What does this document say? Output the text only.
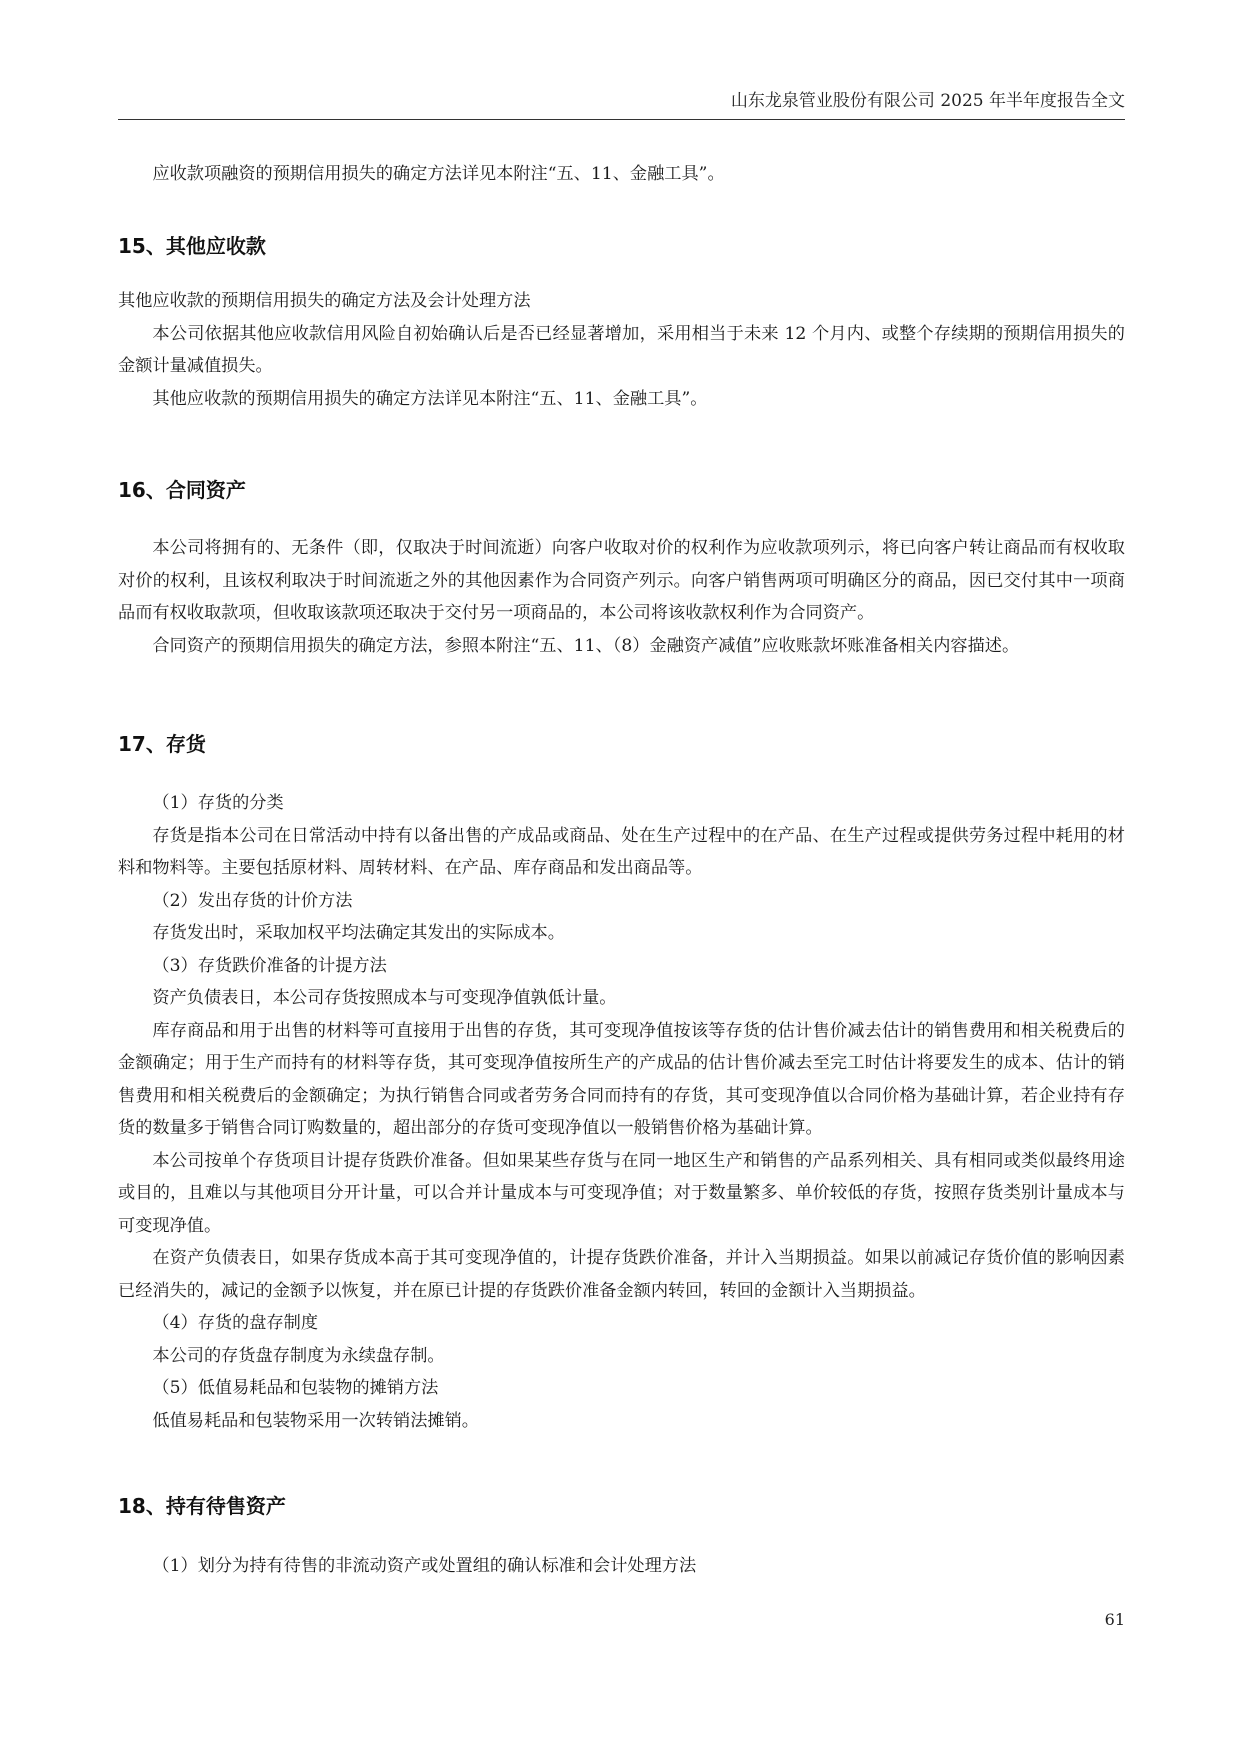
山东龙泉管业股份有限公司 2025 年半年度报告全文

应收款项融资的预期信用损失的确定方法详见本附注“五、11、金融工具”。

15、其他应收款

其他应收款的预期信用损失的确定方法及会计处理方法

本公司依据其他应收款信用风险自初始确认后是否已经显著增加，采用相当于未来 12 个月内、或整个存续期的预期信用损失的金额计量减值损失。

其他应收款的预期信用损失的确定方法详见本附注“五、11、金融工具”。

16、合同资产

本公司将拥有的、无条件（即，仅取决于时间流逝）向客户收取对价的权利作为应收款项列示，将已向客户转让商品而有权收取对价的权利，且该权利取决于时间流逝之外的其他因素作为合同资产列示。向客户销售两项可明确区分的商品，因已交付其中一项商品而有权收取款项，但收取该款项还取决于交付另一项商品的，本公司将该收款权利作为合同资产。

合同资产的预期信用损失的确定方法，参照本附注“五、11、（8）金融资产减值”应收账款坏账准备相关内容描述。

17、存货

（1）存货的分类

存货是指本公司在日常活动中持有以备出售的产成品或商品、处在生产过程中的在产品、在生产过程或提供劳务过程中耗用的材料和物料等。主要包括原材料、周转材料、在产品、库存商品和发出商品等。

（2）发出存货的计价方法

存货发出时，采取加权平均法确定其发出的实际成本。

（3）存货跌价准备的计提方法

资产负债表日，本公司存货按照成本与可变现净值孰低计量。

库存商品和用于出售的材料等可直接用于出售的存货，其可变现净值按该等存货的估计售价减去估计的销售费用和相关税费后的金额确定；用于生产而持有的材料等存货，其可变现净值按所生产的产成品的估计售价减去至完工时估计将要发生的成本、估计的销售费用和相关税费后的金额确定；为执行销售合同或者劳务合同而持有的存货，其可变现净值以合同价格为基础计算，若企业持有存货的数量多于销售合同订购数量的，超出部分的存货可变现净值以一般销售价格为基础计算。

本公司按单个存货项目计提存货跌价准备。但如果某些存货与在同一地区生产和销售的产品系列相关、具有相同或类似最终用途或目的，且难以与其他项目分开计量，可以合并计量成本与可变现净值；对于数量繁多、单价较低的存货，按照存货类别计量成本与可变现净值。

在资产负债表日，如果存货成本高于其可变现净值的，计提存货跌价准备，并计入当期损益。如果以前减记存货价值的影响因素已经消失的，减记的金额予以恢复，并在原已计提的存货跌价准备金额内转回，转回的金额计入当期损益。

（4）存货的盘存制度

本公司的存货盘存制度为永续盘存制。

（5）低值易耗品和包装物的摊销方法

低值易耗品和包装物采用一次转销法摊销。

18、持有待售资产

（1）划分为持有待售的非流动资产或处置组的确认标准和会计处理方法

61
